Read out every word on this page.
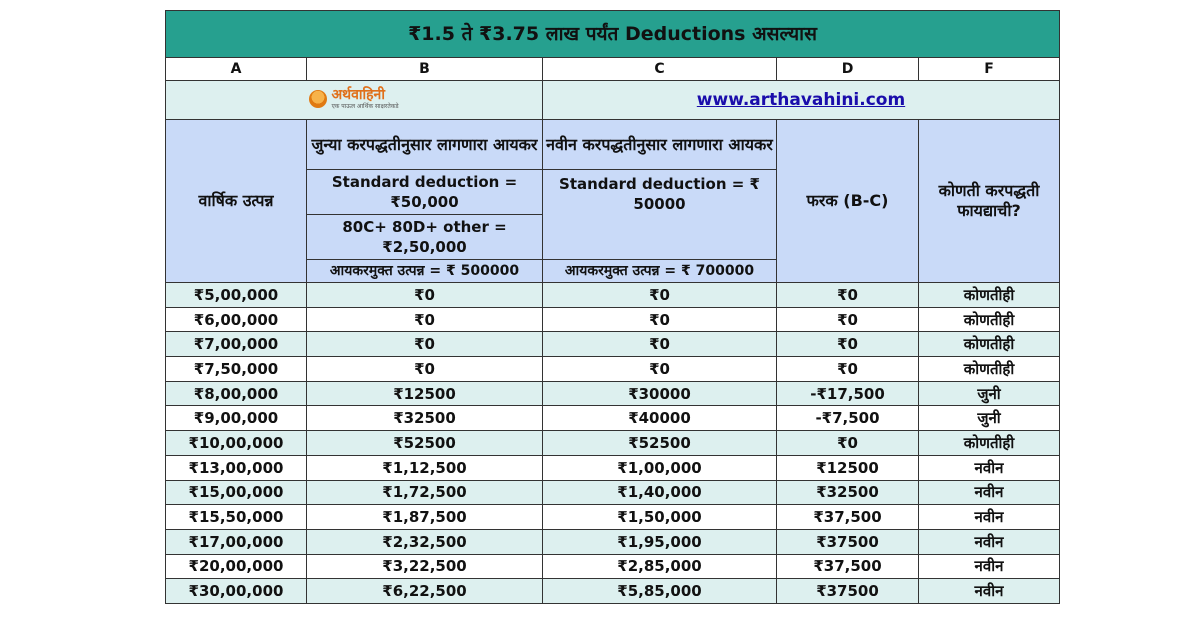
₹1.5 ते ₹3.75 लाख पर्यंत Deductions असल्यास				
A	B	C	D	F

अर्थवाहिनी
एक पाऊल आर्थिक साक्षरतेकडे		www.arthavahini.com		
वार्षिक उत्पन्न	जुन्या करपद्धतीनुसार लागणारा आयकर	नवीन करपद्धतीनुसार लागणारा आयकर	फरक (B-C)	कोणती करपद्धती फायद्याची?
	Standard deduction = ₹50,000	Standard deduction = ₹ 50000		
	80C+ 80D+ other = ₹2,50,000			
	आयकरमुक्त उत्पन्न = ₹ 500000	आयकरमुक्त उत्पन्न = ₹ 700000		
₹5,00,000	₹0	₹0	₹0	कोणतीही
₹6,00,000	₹0	₹0	₹0	कोणतीही
₹7,00,000	₹0	₹0	₹0	कोणतीही
₹7,50,000	₹0	₹0	₹0	कोणतीही
₹8,00,000	₹12500	₹30000	-₹17,500	जुनी
₹9,00,000	₹32500	₹40000	-₹7,500	जुनी
₹10,00,000	₹52500	₹52500	₹0	कोणतीही
₹13,00,000	₹1,12,500	₹1,00,000	₹12500	नवीन
₹15,00,000	₹1,72,500	₹1,40,000	₹32500	नवीन
₹15,50,000	₹1,87,500	₹1,50,000	₹37,500	नवीन
₹17,00,000	₹2,32,500	₹1,95,000	₹37500	नवीन
₹20,00,000	₹3,22,500	₹2,85,000	₹37,500	नवीन
₹30,00,000	₹6,22,500	₹5,85,000	₹37500	नवीन
